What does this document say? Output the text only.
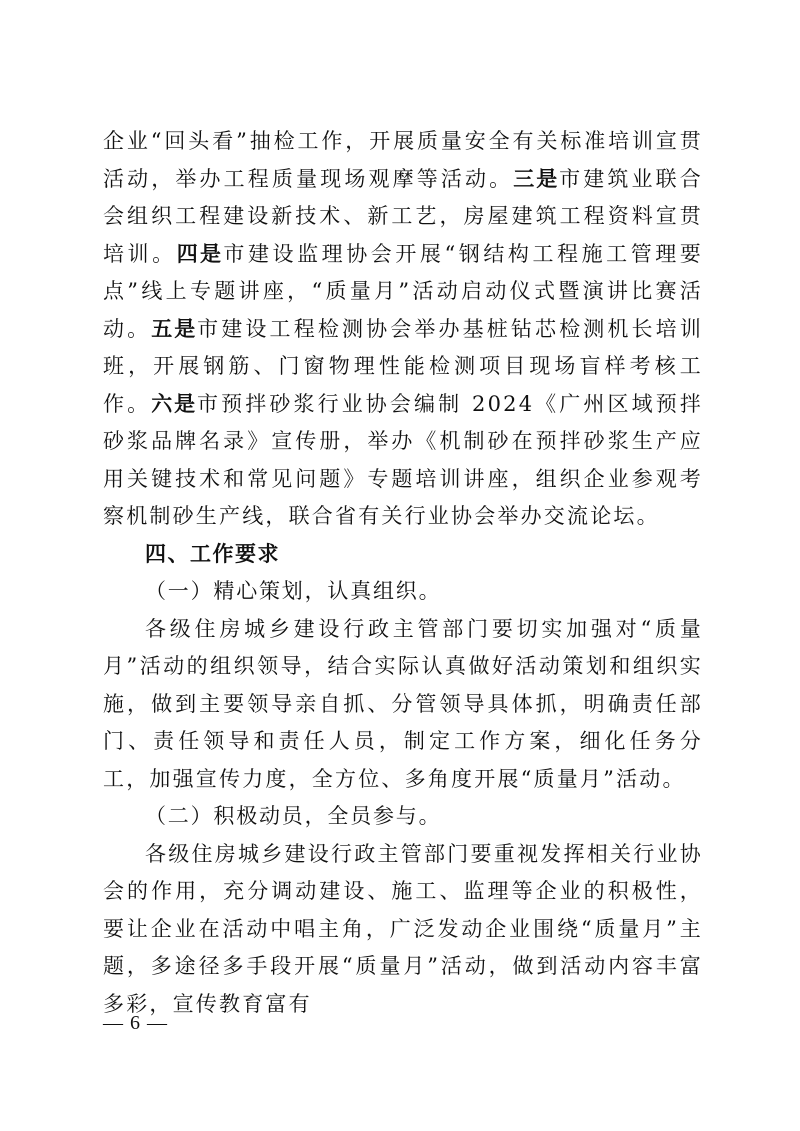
企业“回头看”抽检工作，开展质量安全有关标准培训宣贯活动，举办工程质量现场观摩等活动。三是市建筑业联合会组织工程建设新技术、新工艺，房屋建筑工程资料宣贯培训。四是市建设监理协会开展“钢结构工程施工管理要点”线上专题讲座，“质量月”活动启动仪式暨演讲比赛活动。五是市建设工程检测协会举办基桩钻芯检测机长培训班，开展钢筋、门窗物理性能检测项目现场盲样考核工作。六是市预拌砂浆行业协会编制 2024《广州区域预拌砂浆品牌名录》宣传册，举办《机制砂在预拌砂浆生产应用关键技术和常见问题》专题培训讲座，组织企业参观考察机制砂生产线，联合省有关行业协会举办交流论坛。

四、工作要求

（一）精心策划，认真组织。

各级住房城乡建设行政主管部门要切实加强对“质量月”活动的组织领导，结合实际认真做好活动策划和组织实施，做到主要领导亲自抓、分管领导具体抓，明确责任部门、责任领导和责任人员，制定工作方案，细化任务分工，加强宣传力度，全方位、多角度开展“质量月”活动。

（二）积极动员，全员参与。

各级住房城乡建设行政主管部门要重视发挥相关行业协会的作用，充分调动建设、施工、监理等企业的积极性，要让企业在活动中唱主角，广泛发动企业围绕“质量月”主题，多途径多手段开展“质量月”活动，做到活动内容丰富多彩，宣传教育富有

— 6 —
